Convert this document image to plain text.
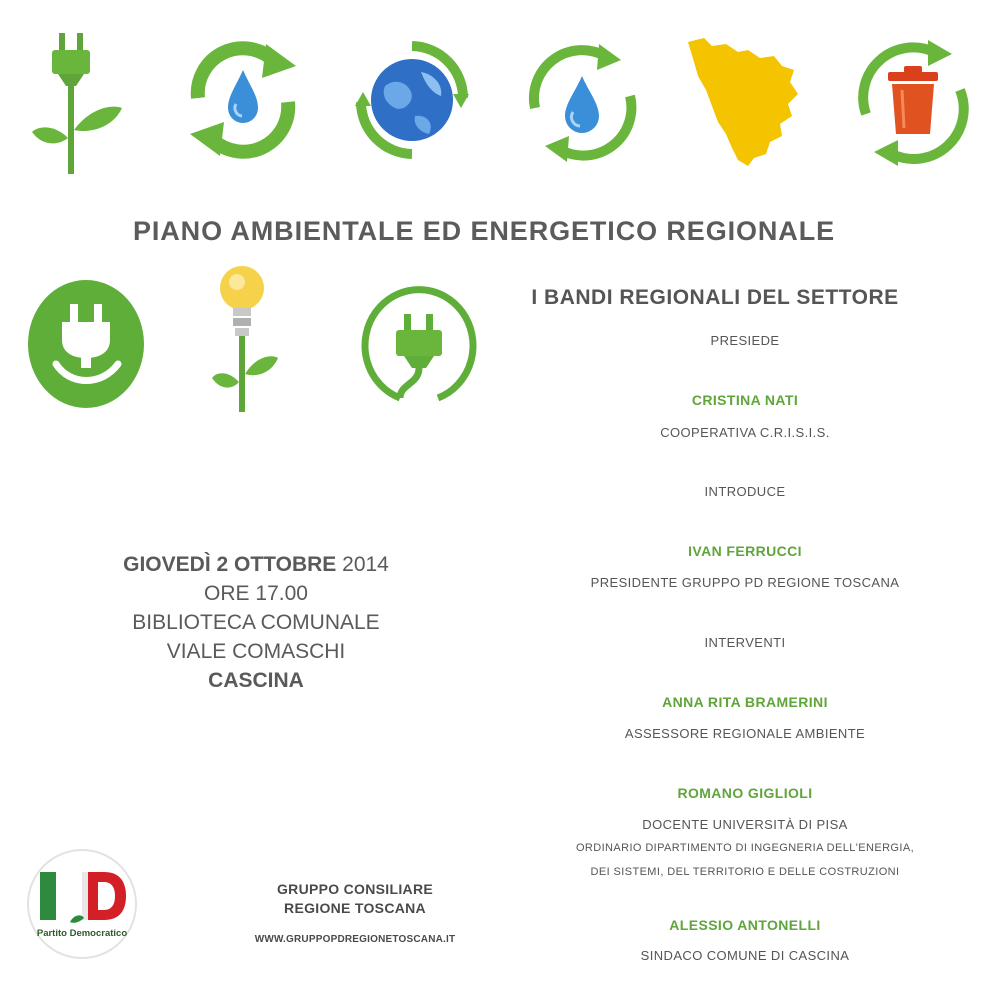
PIANO AMBIENTALE ED ENERGETICO REGIONALE
I BANDI REGIONALI DEL SETTORE
PRESIEDE
CRISTINA NATI
COOPERATIVA C.R.I.S.I.S.
INTRODUCE
IVAN FERRUCCI
PRESIDENTE GRUPPO PD REGIONE TOSCANA
INTERVENTI
ANNA RITA BRAMERINI
ASSESSORE REGIONALE AMBIENTE
ROMANO GIGLIOLI
DOCENTE UNIVERSITÀ DI PISA
ORDINARIO DIPARTIMENTO DI INGEGNERIA DELL'ENERGIA,
DEI SISTEMI, DEL TERRITORIO E DELLE COSTRUZIONI
ALESSIO ANTONELLI
SINDACO COMUNE DI CASCINA
GIOVEDÌ 2 OTTOBRE 2014
ORE 17.00
BIBLIOTECA COMUNALE
VIALE COMASCHI
CASCINA
Partito Democratico
GRUPPO CONSILIARE
REGIONE TOSCANA
WWW.GRUPPOPDREGIONETOSCANA.IT
